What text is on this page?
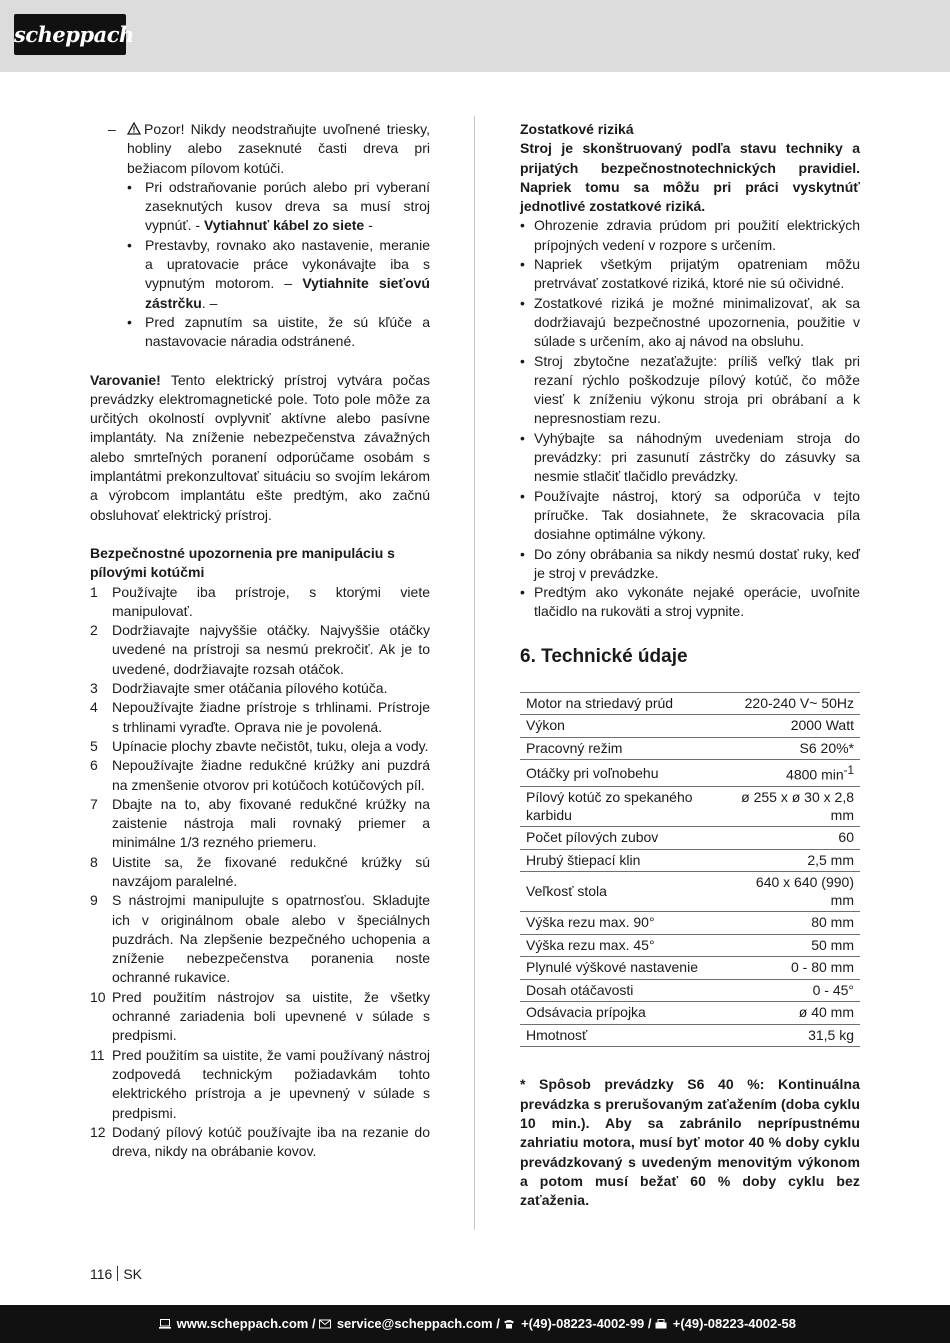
scheppach

– Pozor! Nikdy neodstraňujte uvoľnené triesky, hobliny alebo zaseknuté časti dreva pri bežiacom pílovom kotúči.

• Pri odstraňovanie porúch alebo pri vyberaní zaseknutých kusov dreva sa musí stroj vypnúť. - Vytiahnuť kábel zo siete -
• Prestavby, rovnako ako nastavenie, meranie a upratovacie práce vykonávajte iba s vypnutým motorom. – Vytiahnite sieťovú zástrčku. –
• Pred zapnutím sa uistite, že sú kľúče a nastavovacie náradia odstránené.

Varovanie! Tento elektrický prístroj vytvára počas prevádzky elektromagnetické pole. Toto pole môže za určitých okolností ovplyvniť aktívne alebo pasívne implantáty. Na zníženie nebezpečenstva závažných alebo smrteľných poranení odporúčame osobám s implantátmi prekonzultovať situáciu so svojím lekárom a výrobcom implantátu ešte predtým, ako začnú obsluhovať elektrický prístroj.

Bezpečnostné upozornenia pre manipuláciu s pílovými kotúčmi
1 Používajte iba prístroje, s ktorými viete manipulovať.
2 Dodržiavajte najvyššie otáčky. Najvyššie otáčky uvedené na prístroji sa nesmú prekročiť. Ak je to uvedené, dodržiavajte rozsah otáčok.
3 Dodržiavajte smer otáčania pílového kotúča.
4 Nepoužívajte žiadne prístroje s trhlinami. Prístroje s trhlinami vyraďte. Oprava nie je povolená.
5 Upínacie plochy zbavte nečistôt, tuku, oleja a vody.
6 Nepoužívajte žiadne redukčné krúžky ani puzdrá na zmenšenie otvorov pri kotúčoch kotúčových píl.
7 Dbajte na to, aby fixované redukčné krúžky na zaistenie nástroja mali rovnaký priemer a minimálne 1/3 rezného priemeru.
8 Uistite sa, že fixované redukčné krúžky sú navzájom paralelné.
9 S nástrojmi manipulujte s opatrnosťou. Skladujte ich v originálnom obale alebo v špeciálnych puzdrách. Na zlepšenie bezpečného uchopenia a zníženie nebezpečenstva poranenia noste ochranné rukavice.
10 Pred použitím nástrojov sa uistite, že všetky ochranné zariadenia boli upevnené v súlade s predpismi.
11 Pred použitím sa uistite, že vami používaný nástroj zodpovedá technickým požiadavkám tohto elektrického prístroja a je upevnený v súlade s predpismi.
12 Dodaný pílový kotúč používajte iba na rezanie do dreva, nikdy na obrábanie kovov.
Zostatkové riziká

Stroj je skonštruovaný podľa stavu techniky a prijatých bezpečnostnotechnických pravidiel. Napriek tomu sa môžu pri práci vyskytnúť jednotlivé zostatkové riziká.

• Ohrozenie zdravia prúdom pri použití elektrických prípojných vedení v rozpore s určením.
• Napriek všetkým prijatým opatreniam môžu pretrvávať zostatkové riziká, ktoré nie sú očividné.
• Zostatkové riziká je možné minimalizovať, ak sa dodržiavajú bezpečnostné upozornenia, použitie v súlade s určením, ako aj návod na obsluhu.
• Stroj zbytočne nezaťažujte: príliš veľký tlak pri rezaní rýchlo poškodzuje pílový kotúč, čo môže viesť k zníženiu výkonu stroja pri obrábaní a k nepresnostiam rezu.
• Vyhýbajte sa náhodným uvedeniam stroja do prevádzky: pri zasunutí zástrčky do zásuvky sa nesmie stlačiť tlačidlo prevádzky.
• Používajte nástroj, ktorý sa odporúča v tejto príručke. Tak dosiahnete, že skracovacia píla dosiahne optimálne výkony.
• Do zóny obrábania sa nikdy nesmú dostať ruky, keď je stroj v prevádzke.
• Predtým ako vykonáte nejaké operácie, uvoľnite tlačidlo na rukoväti a stroj vypnite.
6. Technické údaje
Motor na striedavý prúd	220-240 V~ 50Hz
Výkon	2000 Watt
Pracovný režim	S6 20%*
Otáčky pri voľnobehu	4800 $\min^{-1}$
Pílový kotúč zo spekaného karbidu	ø 255 x ø 30 x 2,8 mm
Počet pílových zubov	60
Hrubý štiepací klin	2,5 mm
Veľkosť stola	640 x 640 (990) mm
Výška rezu max. 90°	80 mm
Výška rezu max. 45°	50 mm
Plynulé výškové nastavenie	0 - 80 mm
Dosah otáčavosti	0 - 45°
Odsávacia prípojka	ø 40 mm
Hmotnosť	31,5 kg

* Spôsob prevádzky S6 40 %: Kontinuálna prevádzka s prerušovaným zaťažením (doba cyklu 10 min.). Aby sa zabránilo neprípustnému zahriatiu motora, musí byť motor 40 % doby cyklu prevádzkovaný s uvedeným menovitým výkonom a potom musí bežať 60 % doby cyklu bez zaťaženia.

116 SK
www.scheppach.com / service@scheppach.com / +(49)-08223-4002-99 / +(49)-08223-4002-58
